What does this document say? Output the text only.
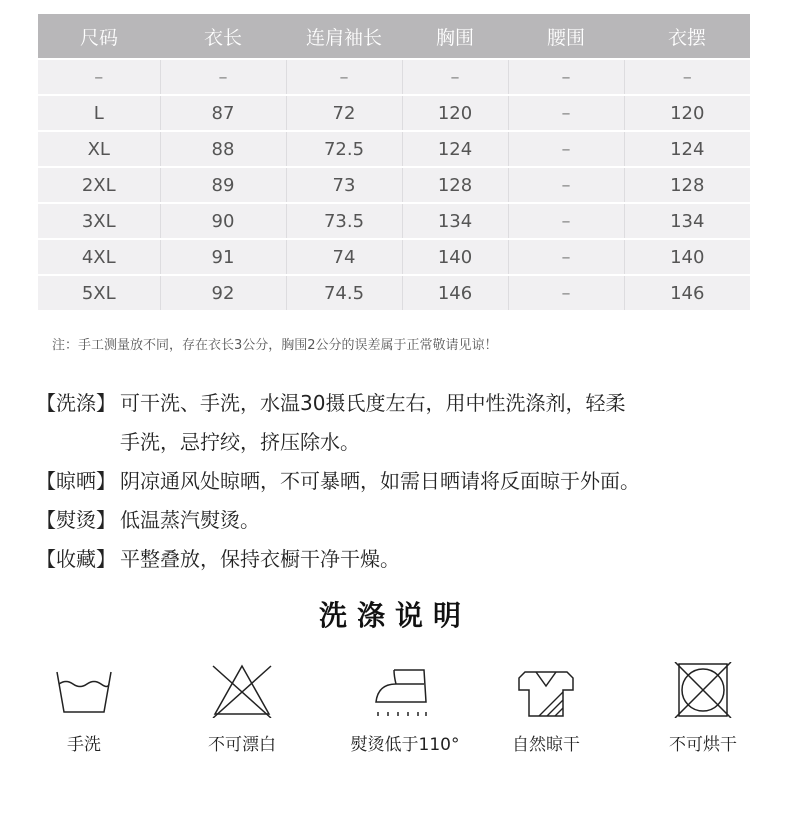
尺码	衣长	连肩袖长	胸围	腰围	衣摆
–	–	–	–	–	–
L	87	72	120	–	120
XL	88	72.5	124	–	124
2XL	89	73	128	–	128
3XL	90	73.5	134	–	134
4XL	91	74	140	–	140
5XL	92	74.5	146	–	146
注：手工测量放不同，存在衣长3公分，胸围2公分的误差属于正常敬请见谅！
【洗涤】 可干洗、手洗，水温30摄氏度左右，用中性洗涤剂，轻柔
手洗，忌拧绞，挤压除水。
【晾晒】 阴凉通风处晾晒，不可暴晒，如需日晒请将反面晾于外面。
【熨烫】 低温蒸汽熨烫。
【收藏】 平整叠放，保持衣橱干净干燥。
洗涤说明
手洗	不可漂白	熨烫低于110°	自然晾干	不可烘干
